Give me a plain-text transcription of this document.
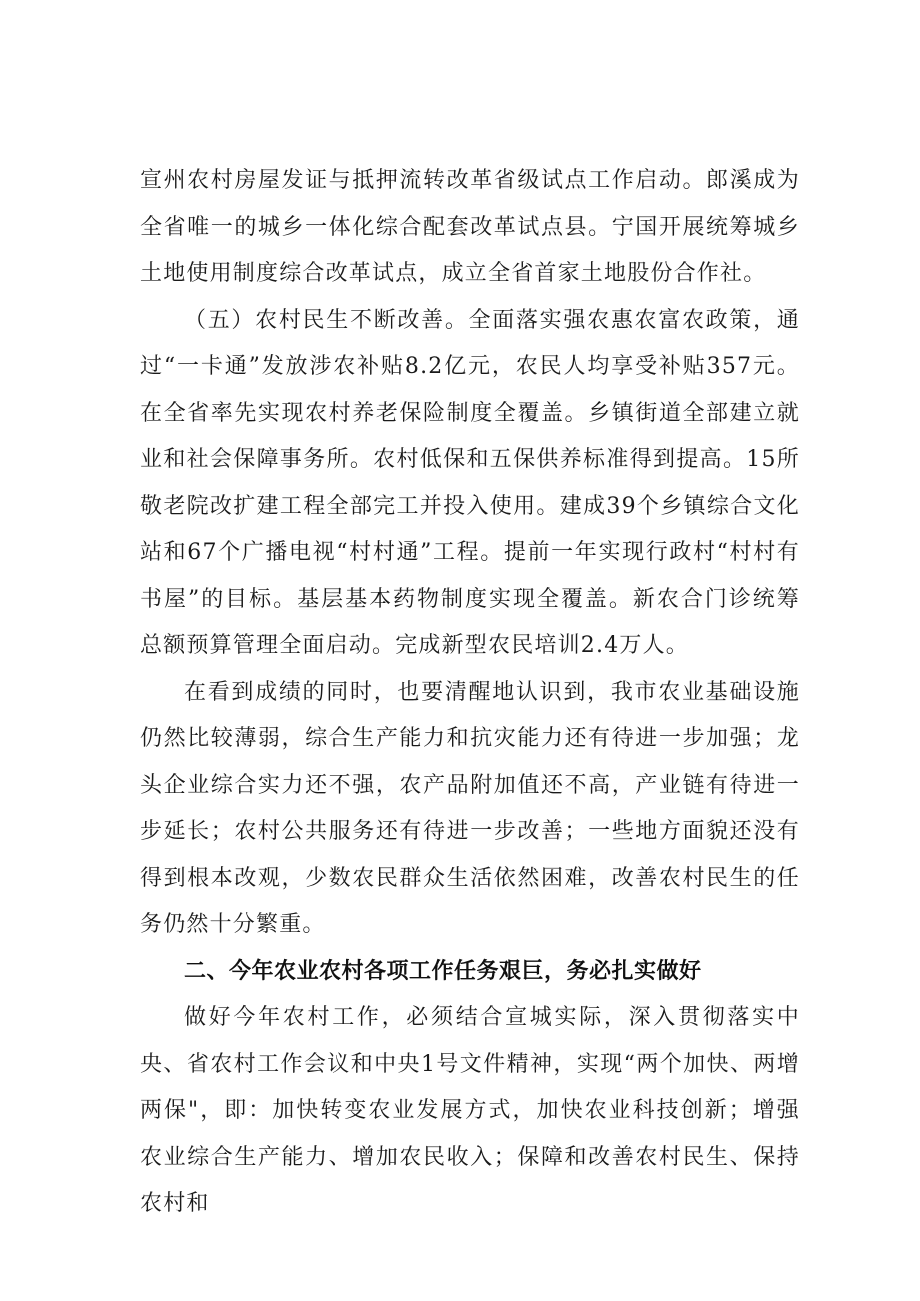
宣州农村房屋发证与抵押流转改革省级试点工作启动。郎溪成为全省唯一的城乡一体化综合配套改革试点县。宁国开展统筹城乡土地使用制度综合改革试点，成立全省首家土地股份合作社。

（五）农村民生不断改善。全面落实强农惠农富农政策，通过“一卡通”发放涉农补贴8.2亿元，农民人均享受补贴357元。在全省率先实现农村养老保险制度全覆盖。乡镇街道全部建立就业和社会保障事务所。农村低保和五保供养标准得到提高。15所敬老院改扩建工程全部完工并投入使用。建成39个乡镇综合文化站和67个广播电视“村村通”工程。提前一年实现行政村“村村有书屋”的目标。基层基本药物制度实现全覆盖。新农合门诊统筹总额预算管理全面启动。完成新型农民培训2.4万人。

在看到成绩的同时，也要清醒地认识到，我市农业基础设施仍然比较薄弱，综合生产能力和抗灾能力还有待进一步加强；龙头企业综合实力还不强，农产品附加值还不高，产业链有待进一步延长；农村公共服务还有待进一步改善；一些地方面貌还没有得到根本改观，少数农民群众生活依然困难，改善农村民生的任务仍然十分繁重。

二、今年农业农村各项工作任务艰巨，务必扎实做好

做好今年农村工作，必须结合宣城实际，深入贯彻落实中央、省农村工作会议和中央1号文件精神，实现“两个加快、两增两保"，即：加快转变农业发展方式，加快农业科技创新；增强农业综合生产能力、增加农民收入；保障和改善农村民生、保持农村和
